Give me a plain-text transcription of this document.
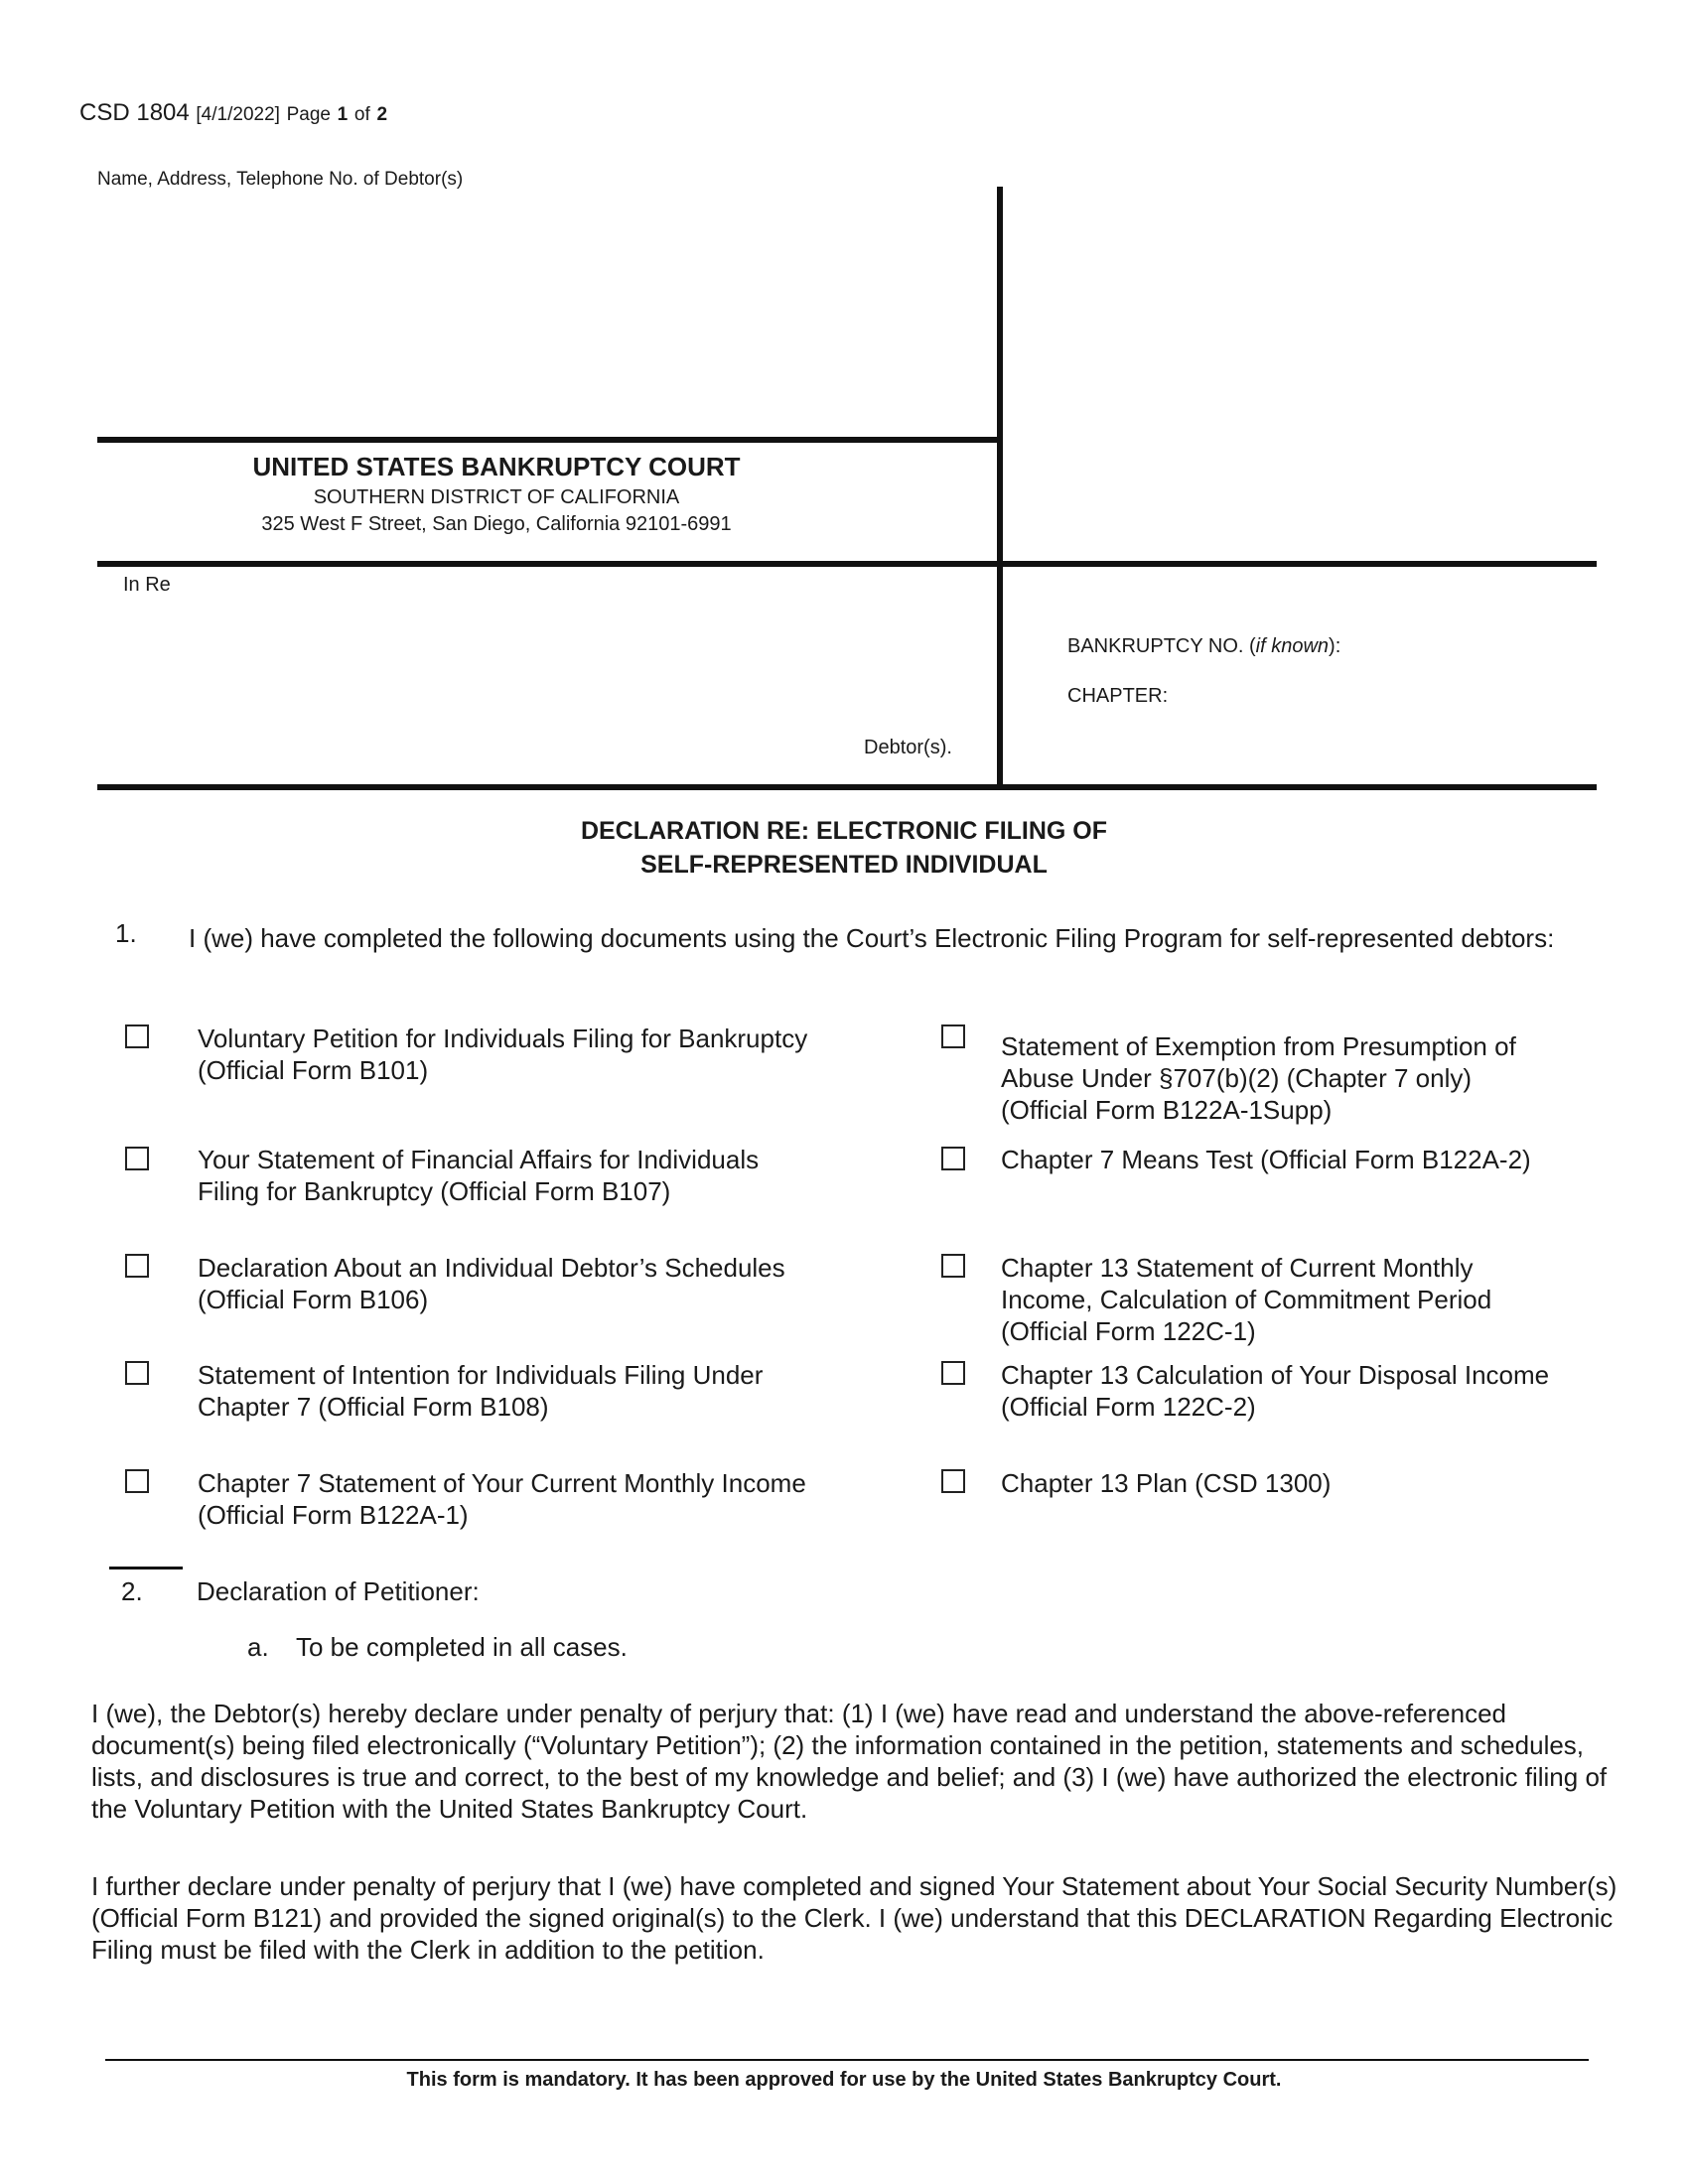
CSD 1804 [4/1/2022] Page 1 of 2
Name, Address, Telephone No. of Debtor(s)
UNITED STATES BANKRUPTCY COURT
SOUTHERN DISTRICT OF CALIFORNIA
325 West F Street, San Diego, California 92101-6991
In Re
Debtor(s).
BANKRUPTCY NO. (if known):
CHAPTER:
DECLARATION RE: ELECTRONIC FILING OF
SELF-REPRESENTED INDIVIDUAL
1. I (we) have completed the following documents using the Court’s Electronic Filing Program for self-represented debtors:
Voluntary Petition for Individuals Filing for Bankruptcy
(Official Form B101)
Your Statement of Financial Affairs for Individuals
Filing for Bankruptcy (Official Form B107)
Declaration About an Individual Debtor’s Schedules
(Official Form B106)
Statement of Intention for Individuals Filing Under
Chapter 7 (Official Form B108)
Chapter 7 Statement of Your Current Monthly Income
(Official Form B122A-1)
Statement of Exemption from Presumption of
Abuse Under §707(b)(2) (Chapter 7 only)
(Official Form B122A-1Supp)
Chapter 7 Means Test (Official Form B122A-2)
Chapter 13 Statement of Current Monthly
Income, Calculation of Commitment Period
(Official Form 122C-1)
Chapter 13 Calculation of Your Disposal Income
(Official Form 122C-2)
Chapter 13 Plan (CSD 1300)
2. Declaration of Petitioner:
a. To be completed in all cases.
I (we), the Debtor(s) hereby declare under penalty of perjury that: (1) I (we) have read and understand the above-referenced document(s) being filed electronically (“Voluntary Petition”); (2) the information contained in the petition, statements and schedules, lists, and disclosures is true and correct, to the best of my knowledge and belief; and (3) I (we) have authorized the electronic filing of the Voluntary Petition with the United States Bankruptcy Court.
I further declare under penalty of perjury that I (we) have completed and signed Your Statement about Your Social Security Number(s) (Official Form B121) and provided the signed original(s) to the Clerk. I (we) understand that this DECLARATION Regarding Electronic Filing must be filed with the Clerk in addition to the petition.
This form is mandatory. It has been approved for use by the United States Bankruptcy Court.
